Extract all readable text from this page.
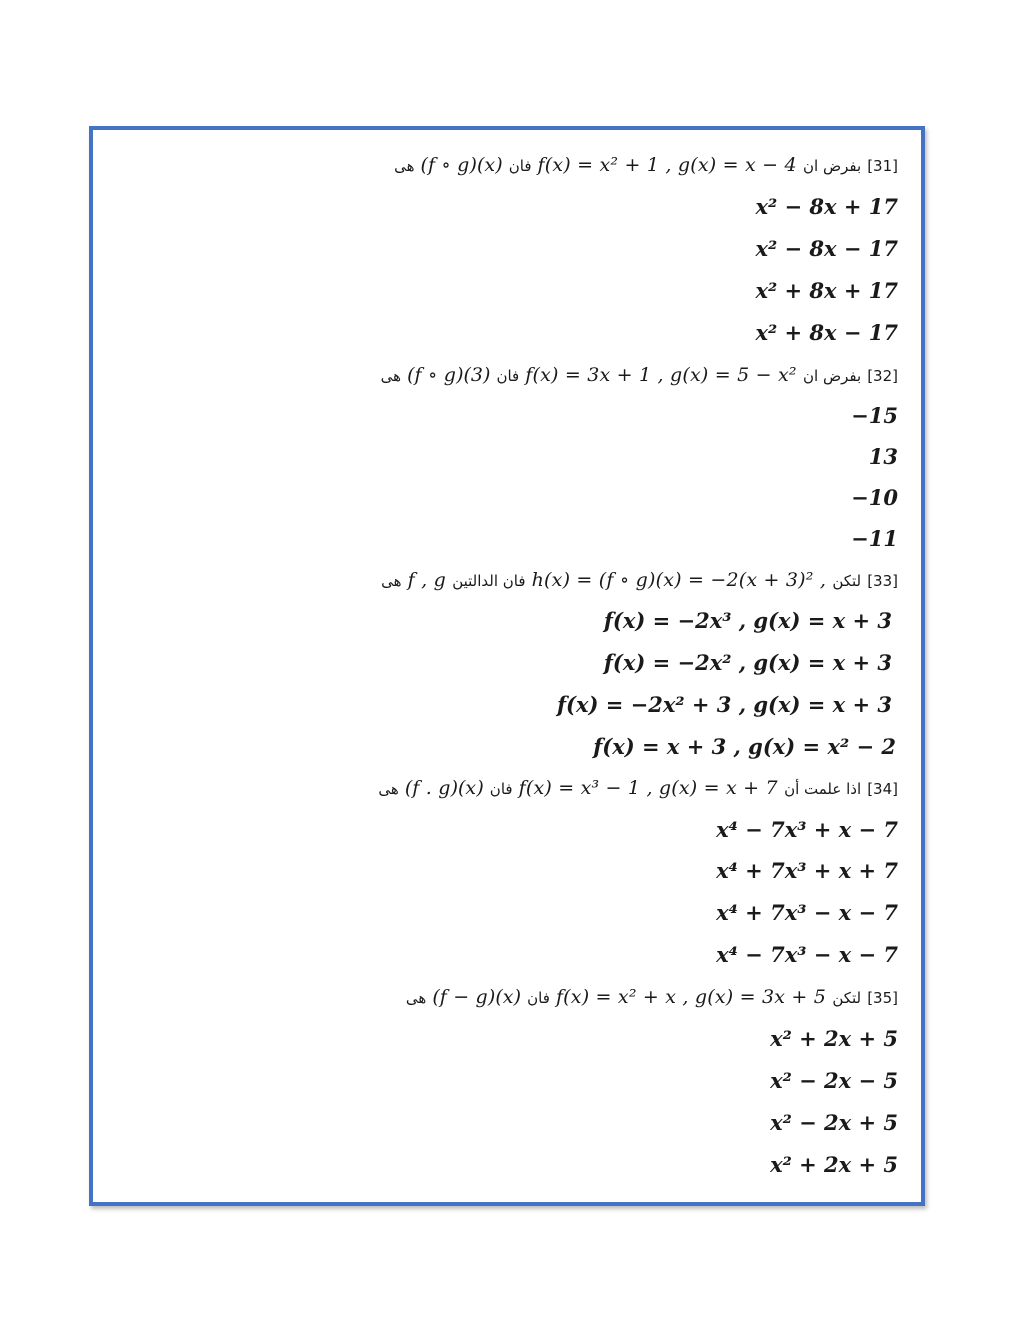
هى (f ∘ g)(x) فان f(x) = x² + 1 , g(x) = x − 4 بفرض ان [31]
x² − 8x + 17
x² − 8x − 17
x² + 8x + 17
x² + 8x − 17
هى (f ∘ g)(3) فان f(x) = 3x + 1 , g(x) = 5 − x² بفرض ان [32]
−15
13
−10
−11
هى f , g فان الدالتين h(x) = (f ∘ g)(x) = −2(x + 3)² , لتكن [33]
f(x) = −2x³ , g(x) = x + 3
f(x) = −2x² , g(x) = x + 3
f(x) = −2x² + 3 , g(x) = x + 3
f(x) = x + 3 , g(x) = x² − 2
هى (f . g)(x) فان f(x) = x³ − 1 , g(x) = x + 7 اذا علمت أن [34]
x⁴ − 7x³ + x − 7
x⁴ + 7x³ + x + 7
x⁴ + 7x³ − x − 7
x⁴ − 7x³ − x − 7
هى (f − g)(x) فان f(x) = x² + x , g(x) = 3x + 5 لتكن [35]
x² + 2x + 5
x² − 2x − 5
x² − 2x + 5
x² + 2x + 5
